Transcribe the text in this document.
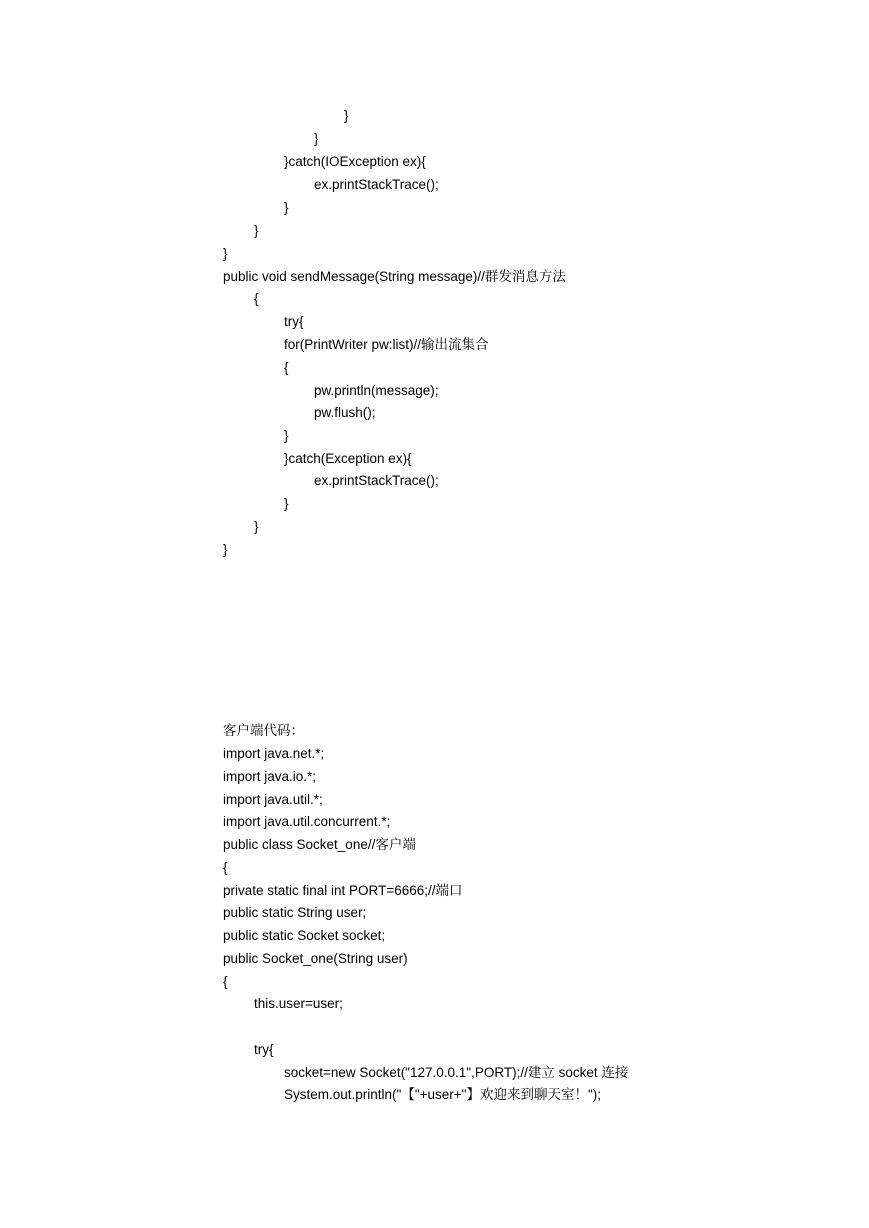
}
}
}catch(IOException ex){
ex.printStackTrace();
}
}
}
public void sendMessage(String message)//群发消息方法
{
try{
for(PrintWriter pw:list)//输出流集合
{
pw.println(message);
pw.flush();
}
}catch(Exception ex){
ex.printStackTrace();
}
}
}
客户端代码：
import java.net.*;
import java.io.*;
import java.util.*;
import java.util.concurrent.*;
public class Socket_one//客户端
{
private static final int PORT=6666;//端口
public static String user;
public static Socket socket;
public Socket_one(String user)
{
this.user=user;
try{
socket=new Socket("127.0.0.1",PORT);//建立 socket 连接
System.out.println("【"+user+"】欢迎来到聊天室！");
